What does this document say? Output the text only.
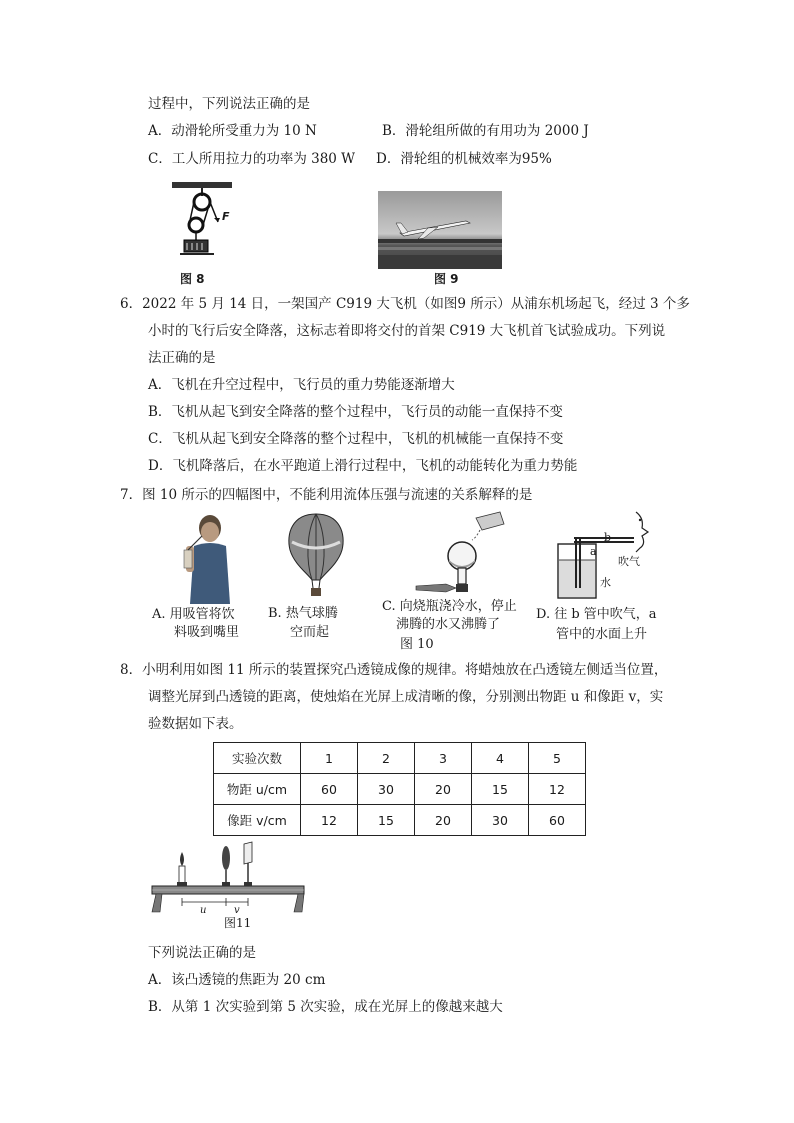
过程中，下列说法正确的是
A．动滑轮所受重力为 10 N	B．滑轮组所做的有用功为 2000 J
C．工人所用拉力的功率为 380 W D．滑轮组的机械效率为95%
F
图 8	图 9
6．2022 年 5 月 14 日，一架国产 C919 大飞机（如图9 所示）从浦东机场起飞，经过 3 个多
小时的飞行后安全降落，这标志着即将交付的首架 C919 大飞机首飞试验成功。下列说
法正确的是
A．飞机在升空过程中，飞行员的重力势能逐渐增大
B．飞机从起飞到安全降落的整个过程中，飞行员的动能一直保持不变
C．飞机从起飞到安全降落的整个过程中，飞机的机械能一直保持不变
D．飞机降落后，在水平跑道上滑行过程中，飞机的动能转化为重力势能
7．图 10 所示的四幅图中，不能利用流体压强与流速的关系解释的是
A. 用吸管将饮
料吸到嘴里
B. 热气球腾
空而起
C. 向烧瓶浇冷水，停止
沸腾的水又沸腾了
图 10
b
a
吹气
水
D. 往 b 管中吹气，a
管中的水面上升
8．小明利用如图 11 所示的装置探究凸透镜成像的规律。将蜡烛放在凸透镜左侧适当位置，
调整光屏到凸透镜的距离，使烛焰在光屏上成清晰的像，分别测出物距 u 和像距 v，实
验数据如下表。
实验次数	1	2	3	4	5
物距 u/cm	60	30	20	15	12
像距 v/cm	12	15	20	30	60
u	v
图11
下列说法正确的是
A．该凸透镜的焦距为 20 cm
B．从第 1 次实验到第 5 次实验，成在光屏上的像越来越大
